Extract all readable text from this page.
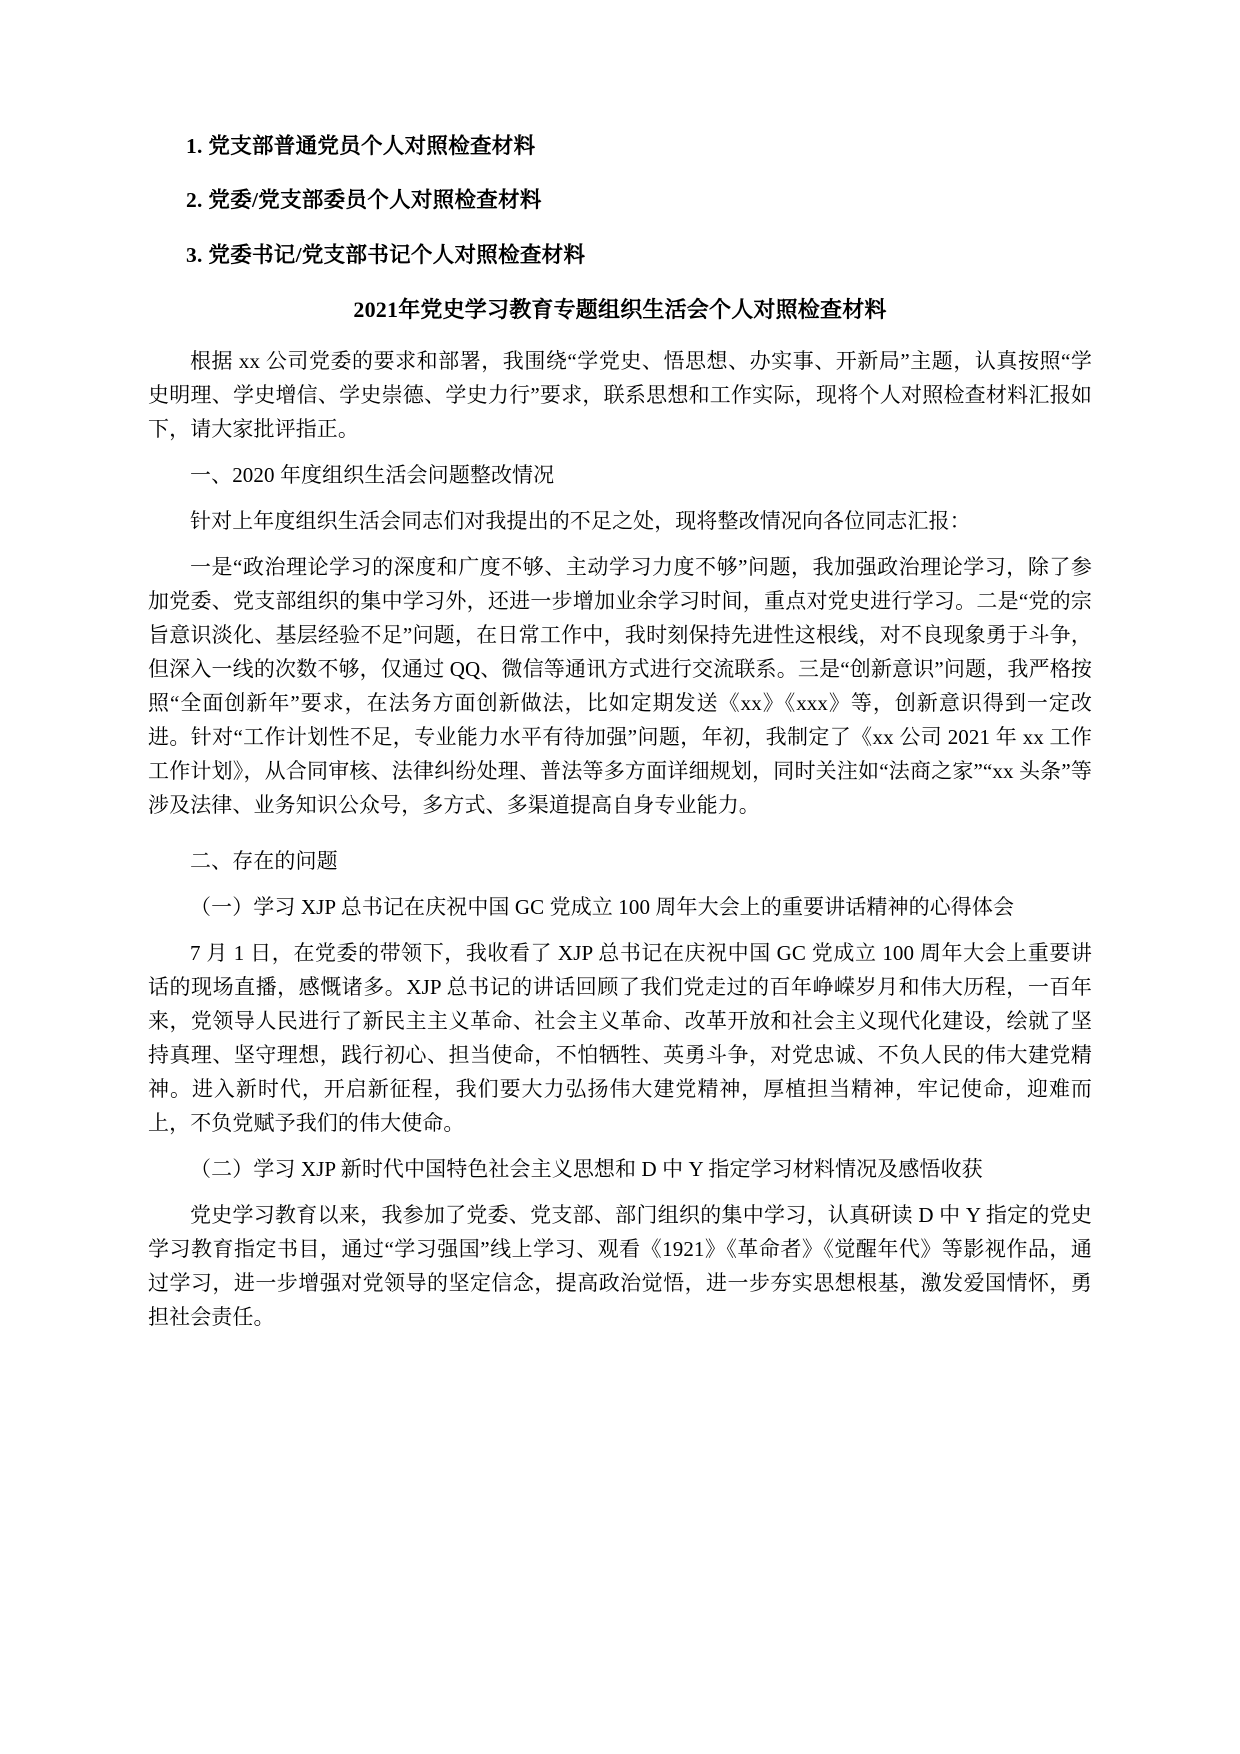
1. 党支部普通党员个人对照检查材料

2. 党委/党支部委员个人对照检查材料

3. 党委书记/党支部书记个人对照检查材料

2021年党史学习教育专题组织生活会个人对照检查材料

根据 xx 公司党委的要求和部署，我围绕“学党史、悟思想、办实事、开新局”主题，认真按照“学史明理、学史增信、学史崇德、学史力行”要求，联系思想和工作实际，现将个人对照检查材料汇报如下，请大家批评指正。

一、2020 年度组织生活会问题整改情况

针对上年度组织生活会同志们对我提出的不足之处，现将整改情况向各位同志汇报：

一是“政治理论学习的深度和广度不够、主动学习力度不够”问题，我加强政治理论学习，除了参加党委、党支部组织的集中学习外，还进一步增加业余学习时间，重点对党史进行学习。二是“党的宗旨意识淡化、基层经验不足”问题，在日常工作中，我时刻保持先进性这根线，对不良现象勇于斗争，但深入一线的次数不够，仅通过 QQ、微信等通讯方式进行交流联系。三是“创新意识”问题，我严格按照“全面创新年”要求，在法务方面创新做法，比如定期发送《xx》《xxx》等，创新意识得到一定改进。针对“工作计划性不足，专业能力水平有待加强”问题，年初，我制定了《xx 公司 2021 年 xx 工作工作计划》，从合同审核、法律纠纷处理、普法等多方面详细规划，同时关注如“法商之家”“xx 头条”等涉及法律、业务知识公众号，多方式、多渠道提高自身专业能力。

二、存在的问题

（一）学习 XJP 总书记在庆祝中国 GC 党成立 100 周年大会上的重要讲话精神的心得体会

7 月 1 日，在党委的带领下，我收看了 XJP 总书记在庆祝中国 GC 党成立 100 周年大会上重要讲话的现场直播，感慨诸多。XJP 总书记的讲话回顾了我们党走过的百年峥嵘岁月和伟大历程，一百年来，党领导人民进行了新民主主义革命、社会主义革命、改革开放和社会主义现代化建设，绘就了坚持真理、坚守理想，践行初心、担当使命，不怕牺牲、英勇斗争，对党忠诚、不负人民的伟大建党精神。进入新时代，开启新征程，我们要大力弘扬伟大建党精神，厚植担当精神，牢记使命，迎难而上，不负党赋予我们的伟大使命。

（二）学习 XJP 新时代中国特色社会主义思想和 D 中 Y 指定学习材料情况及感悟收获

党史学习教育以来，我参加了党委、党支部、部门组织的集中学习，认真研读 D 中 Y 指定的党史学习教育指定书目，通过“学习强国”线上学习、观看《1921》《革命者》《觉醒年代》等影视作品，通过学习，进一步增强对党领导的坚定信念，提高政治觉悟，进一步夯实思想根基，激发爱国情怀，勇担社会责任。
